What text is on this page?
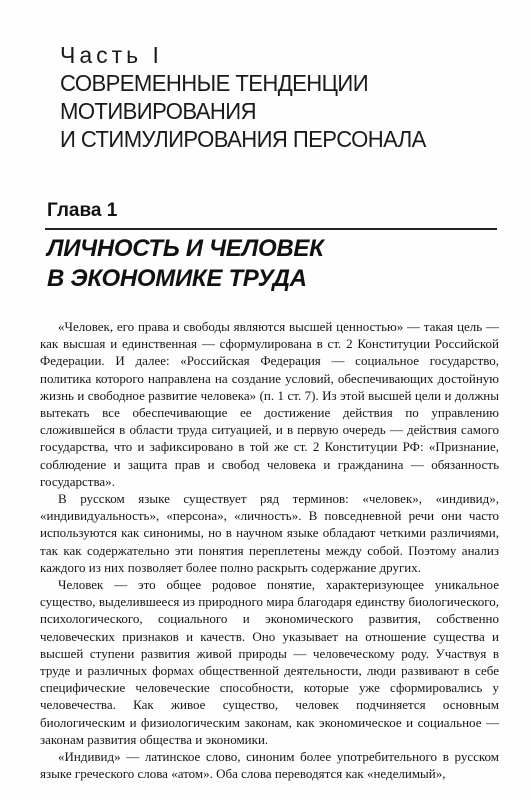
Часть I
СОВРЕМЕННЫЕ ТЕНДЕНЦИИ
МОТИВИРОВАНИЯ
И СТИМУЛИРОВАНИЯ ПЕРСОНАЛА
Глава 1
ЛИЧНОСТЬ И ЧЕЛОВЕК
В ЭКОНОМИКЕ ТРУДА

«Человек, его права и свободы являются высшей ценностью» — такая цель — как высшая и единственная — сформулирована в ст. 2 Конституции Российской Федерации. И далее: «Российская Федерация — социальное государство, политика которого направлена на создание условий, обеспечивающих достойную жизнь и свободное развитие человека» (п. 1 ст. 7). Из этой высшей цели и должны вытекать все обеспечивающие ее достижение действия по управлению сложившейся в области труда ситуацией, и в первую очередь — действия самого государства, что и зафиксировано в той же ст. 2 Конституции РФ: «Признание, соблюдение и защита прав и свобод человека и гражданина — обязанность государства».

В русском языке существует ряд терминов: «человек», «индивид», «индивидуальность», «персона», «личность». В повседневной речи они часто используются как синонимы, но в научном языке обладают четкими различиями, так как содержательно эти понятия переплетены между собой. Поэтому анализ каждого из них позволяет более полно раскрыть содержание других.

Человек — это общее родовое понятие, характеризующее уникальное существо, выделившееся из природного мира благодаря единству биологического, психологического, социального и экономического развития, собственно человеческих признаков и качеств. Оно указывает на отношение существа и высшей ступени развития живой природы — человеческому роду. Участвуя в труде и различных формах общественной деятельности, люди развивают в себе специфические человеческие способности, которые уже сформировались у человечества. Как живое существо, человек подчиняется основным биологическим и физиологическим законам, как экономическое и социальное — законам развития общества и экономики.

«Индивид» — латинское слово, синоним более употребительного в русском языке греческого слова «атом». Оба слова переводятся как «неделимый»,
